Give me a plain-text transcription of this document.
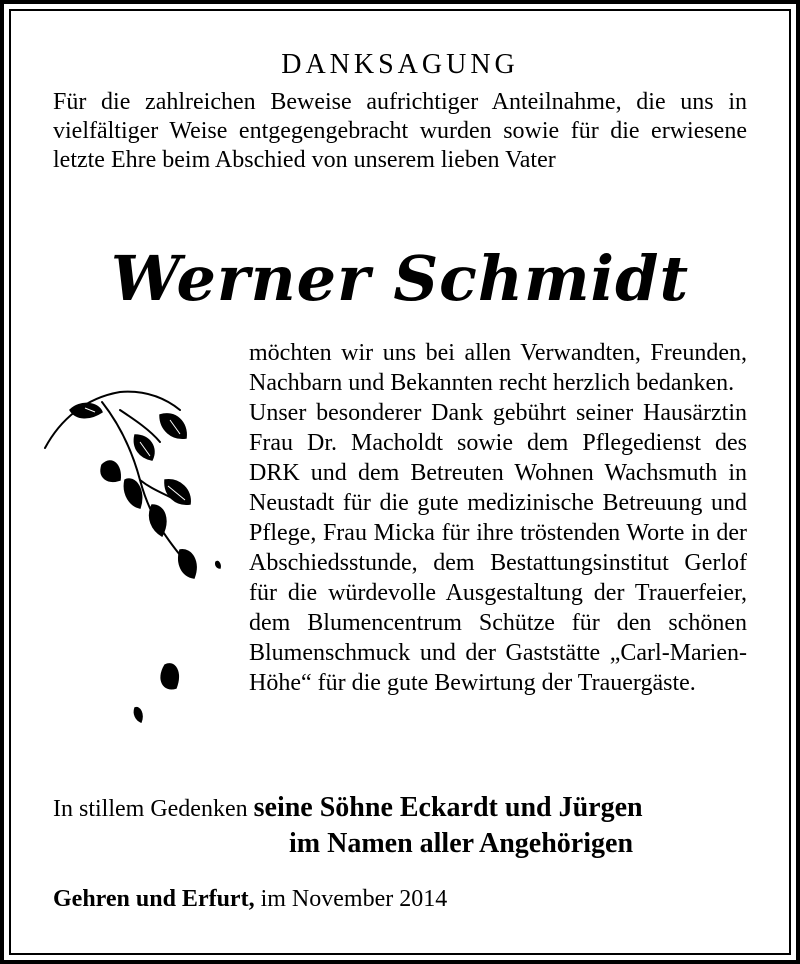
DANKSAGUNG
Für die zahlreichen Beweise aufrichtiger Anteilnahme, die uns in vielfältiger Weise entgegengebracht wurden sowie für die erwiesene letzte Ehre beim Abschied von unserem lieben Vater
Werner Schmidt

möchten wir uns bei allen Verwandten, Freunden, Nachbarn und Bekannten recht herzlich bedanken.

Unser besonderer Dank gebührt seiner Hausärztin Frau Dr. Macholdt sowie dem Pflegedienst des DRK und dem Betreuten Wohnen Wachsmuth in Neustadt für die gute medizinische Betreuung und Pflege, Frau Micka für ihre tröstenden Worte in der Abschiedsstunde, dem Bestattungsinstitut Gerlof für die würdevolle Ausgestaltung der Trauerfeier, dem Blumencentrum Schütze für den schönen Blumenschmuck und der Gaststätte „Carl-Marien-Höhe“ für die gute Bewirtung der Trauergäste.

In stillem Gedenken seine Söhne Eckardt und Jürgen
im Namen aller Angehörigen
Gehren und Erfurt, im November 2014
